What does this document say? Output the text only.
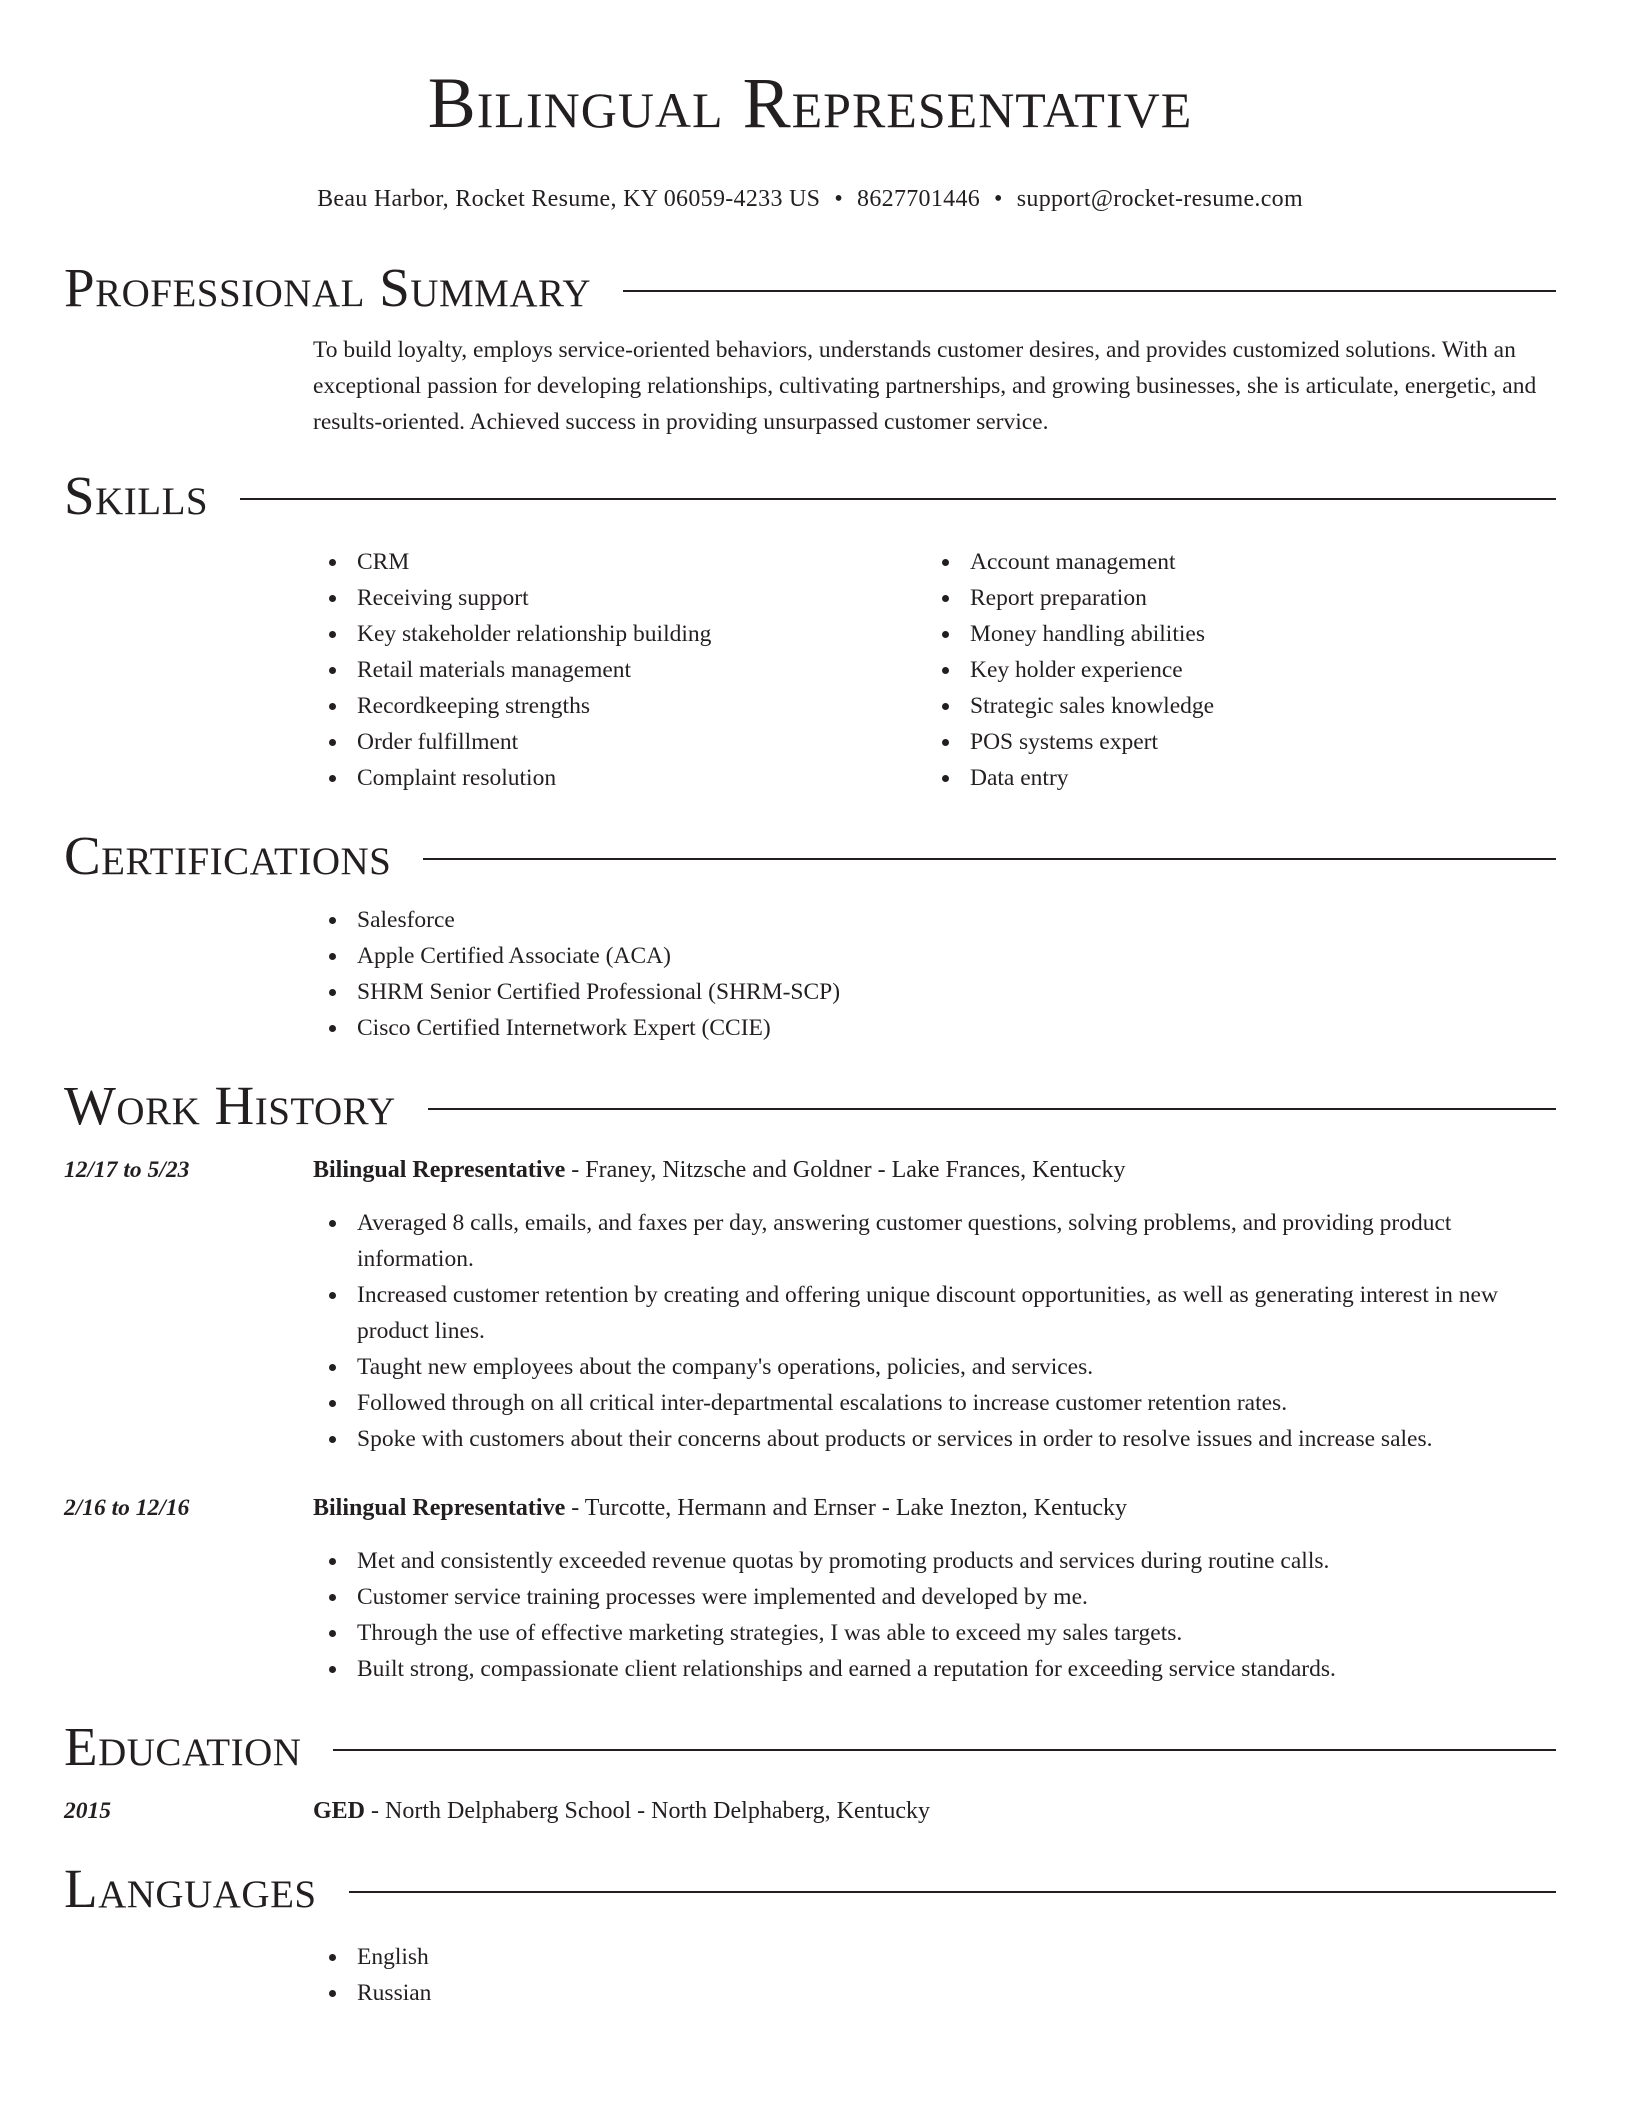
Bilingual Representative
Beau Harbor, Rocket Resume, KY 06059-4233 US • 8627701446 • support@rocket-resume.com
Professional Summary
To build loyalty, employs service-oriented behaviors, understands customer desires, and provides customized solutions. With an exceptional passion for developing relationships, cultivating partnerships, and growing businesses, she is articulate, energetic, and results-oriented. Achieved success in providing unsurpassed customer service.
Skills
CRM
Receiving support
Key stakeholder relationship building
Retail materials management
Recordkeeping strengths
Order fulfillment
Complaint resolution
Account management
Report preparation
Money handling abilities
Key holder experience
Strategic sales knowledge
POS systems expert
Data entry
Certifications
Salesforce
Apple Certified Associate (ACA)
SHRM Senior Certified Professional (SHRM-SCP)
Cisco Certified Internetwork Expert (CCIE)
Work History
12/17 to 5/23	Bilingual Representative - Franey, Nitzsche and Goldner - Lake Frances, Kentucky
Averaged 8 calls, emails, and faxes per day, answering customer questions, solving problems, and providing product information.
Increased customer retention by creating and offering unique discount opportunities, as well as generating interest in new product lines.
Taught new employees about the company's operations, policies, and services.
Followed through on all critical inter-departmental escalations to increase customer retention rates.
Spoke with customers about their concerns about products or services in order to resolve issues and increase sales.
2/16 to 12/16	Bilingual Representative - Turcotte, Hermann and Ernser - Lake Inezton, Kentucky
Met and consistently exceeded revenue quotas by promoting products and services during routine calls.
Customer service training processes were implemented and developed by me.
Through the use of effective marketing strategies, I was able to exceed my sales targets.
Built strong, compassionate client relationships and earned a reputation for exceeding service standards.
Education
2015	GED - North Delphaberg School - North Delphaberg, Kentucky
Languages
English
Russian
